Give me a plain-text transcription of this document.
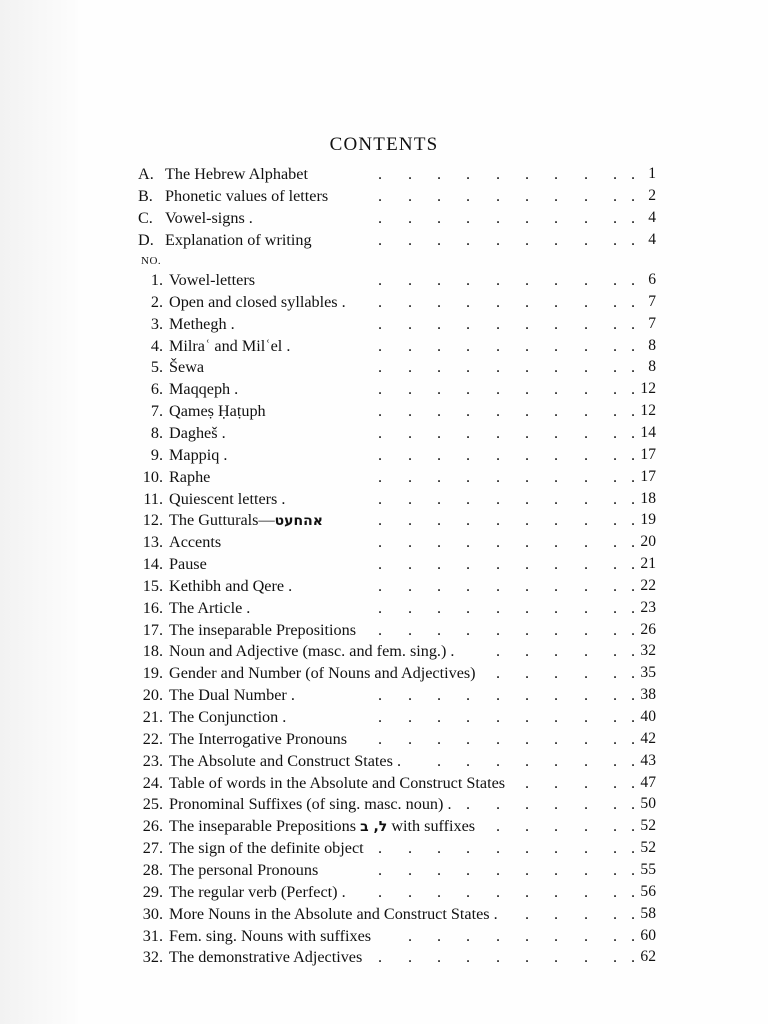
CONTENTS
A. The Hebrew Alphabet	1
. . . . . . . . . .
B. Phonetic values of letters	2
. . . . . . . . . .
C. Vowel-signs .	4
. . . . . . . . . .
D. Explanation of writing	4
. . . . . . . . . .
NO.
1. Vowel-letters	6
. . . . . . . . . .
2. Open and closed syllables .	7
. . . . . . . . . .
3. Methegh .	7
. . . . . . . . . .
4. Milraʿ and Milʿel .	8
. . . . . . . . . .
5. Šewa	8
. . . . . . . . . .
6. Maqqeph .	12
. . . . . . . . . .
7. Qameṣ Ḥaṭuph	12
. . . . . . . . . .
8. Dagheš .	14
. . . . . . . . . .
9. Mappiq .	17
. . . . . . . . . .
10. Raphe	17
. . . . . . . . . .
11. Quiescent letters .	18
. . . . . . . . . .
12. The Gutturals—אהחעט	19
. . . . . . . . . .
13. Accents	20
. . . . . . . . . .
14. Pause	21
. . . . . . . . . .
15. Kethibh and Qere .	22
. . . . . . . . . .
16. The Article .	23
. . . . . . . . . .
17. The inseparable Prepositions	26
. . . . . . . . . .
18. Noun and Adjective (masc. and fem. sing.) .	32
. . . . . .
19. Gender and Number (of Nouns and Adjectives)	35
. . . . . .
20. The Dual Number .	38
. . . . . . . . . .
21. The Conjunction .	40
. . . . . . . . . .
22. The Interrogative Pronouns	42
. . . . . . . . . .
23. The Absolute and Construct States .	43
. . . . . . . .
24. Table of words in the Absolute and Construct States	47
. . . . .
25. Pronominal Suffixes (of sing. masc. noun) .	50
. . . . . . .
26. The inseparable Prepositions ל, ב with suffixes	52
. . . . . .
27. The sign of the definite object	52
. . . . . . . . . .
28. The personal Pronouns	55
. . . . . . . . . .
29. The regular verb (Perfect) .	56
. . . . . . . . . .
30. More Nouns in the Absolute and Construct States .	58
. . . . .
31. Fem. sing. Nouns with suffixes	60
. . . . . . . . .
32. The demonstrative Adjectives	62
. . . . . . . . . .
